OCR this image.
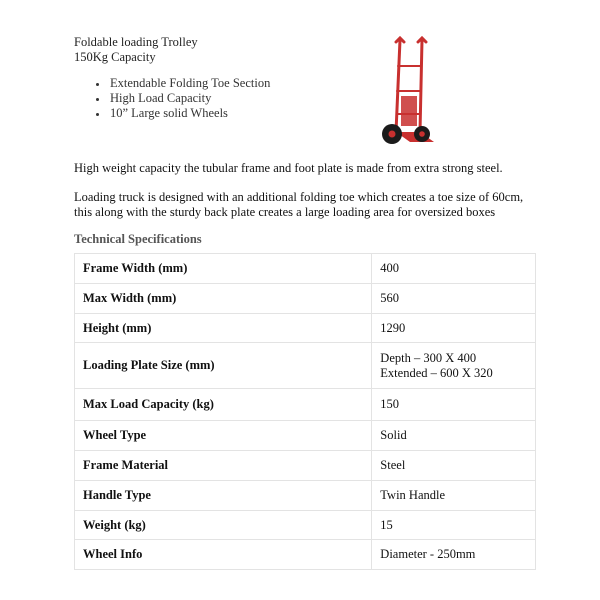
Foldable loading Trolley
150Kg Capacity
• Extendable Folding Toe Section
• High Load Capacity
• 10” Large solid Wheels
High weight capacity the tubular frame and foot plate is made from extra strong steel.
Loading truck is designed with an additional folding toe which creates a toe size of 60cm, this along with the sturdy back plate creates a large loading area for oversized boxes
Technical Specifications
Frame Width (mm)	400
Max Width (mm)	560
Height (mm)	1290
Loading Plate Size (mm)	Depth – 300 X 400
Extended – 600 X 320

Max Load Capacity (kg)	150
Wheel Type	Solid
Frame Material	Steel
Handle Type	Twin Handle
Weight (kg)	15
Wheel Info	Diameter - 250mm
